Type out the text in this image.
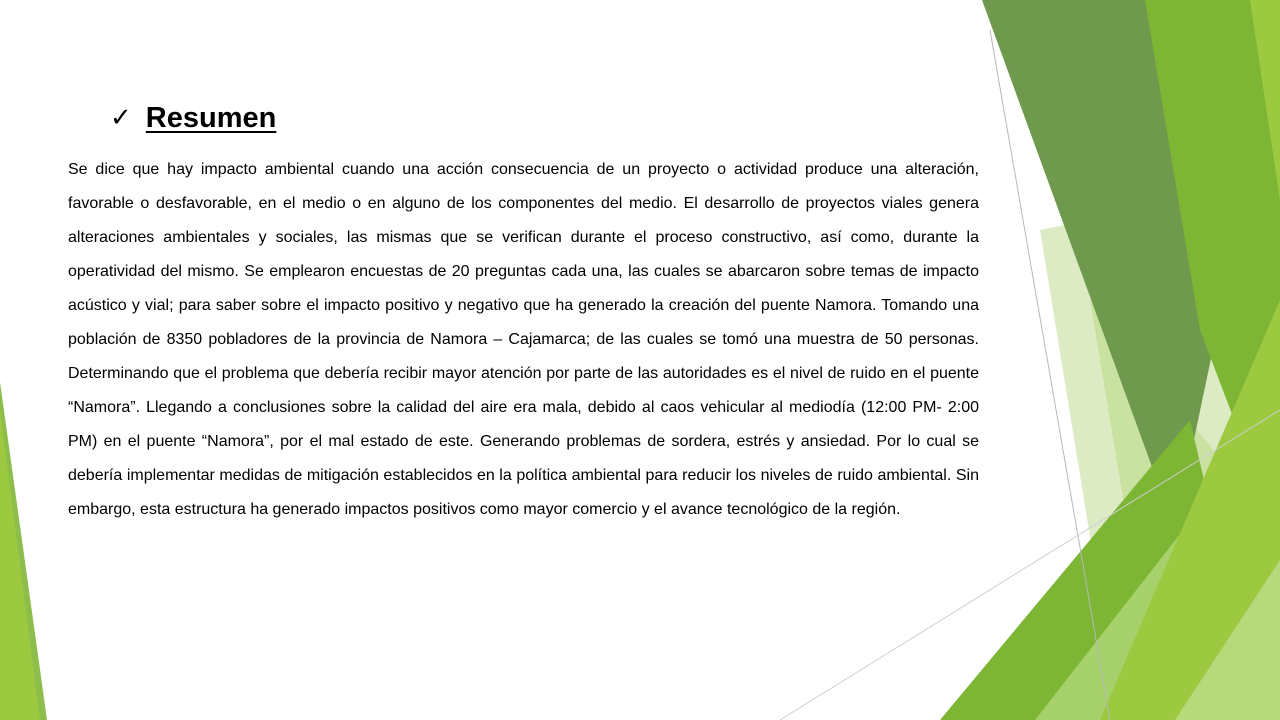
✓ Resumen

Se dice que hay impacto ambiental cuando una acción consecuencia de un proyecto o actividad produce una alteración, favorable o desfavorable, en el medio o en alguno de los componentes del medio. El desarrollo de proyectos viales genera alteraciones ambientales y sociales, las mismas que se verifican durante el proceso constructivo, así como, durante la operatividad del mismo. Se emplearon encuestas de 20 preguntas cada una, las cuales se abarcaron sobre temas de impacto acústico y vial; para saber sobre el impacto positivo y negativo que ha generado la creación del puente Namora. Tomando una población de 8350 pobladores de la provincia de Namora – Cajamarca; de las cuales se tomó una muestra de 50 personas. Determinando que el problema que debería recibir mayor atención por parte de las autoridades es el nivel de ruido en el puente “Namora”. Llegando a conclusiones sobre la calidad del aire era mala, debido al caos vehicular al mediodía (12:00 PM- 2:00 PM) en el puente “Namora”, por el mal estado de este. Generando problemas de sordera, estrés y ansiedad. Por lo cual se debería implementar medidas de mitigación establecidos en la política ambiental para reducir los niveles de ruido ambiental. Sin embargo, esta estructura ha generado impactos positivos como mayor comercio y el avance tecnológico de la región.
